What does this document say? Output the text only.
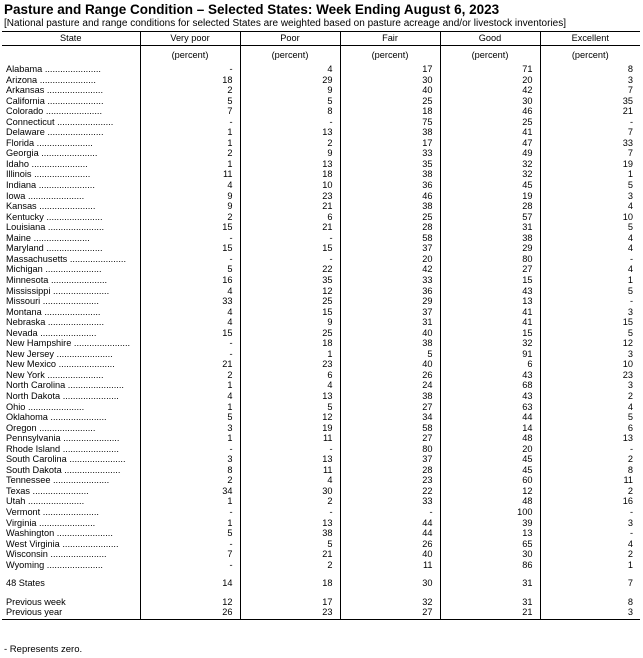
Pasture and Range Condition – Selected States: Week Ending August 6, 2023
[National pasture and range conditions for selected States are weighted based on pasture acreage and/or livestock inventories]
State	Very poor	Poor	Fair	Good	Excellent
	(percent)	(percent)	(percent)	(percent)	(percent)
Alabama ......................	-	4	17	71	8
Arizona ......................	18	29	30	20	3
Arkansas ......................	2	9	40	42	7
California ......................	5	5	25	30	35
Colorado ......................	7	8	18	46	21
Connecticut ......................	-	-	75	25	-
Delaware ......................	1	13	38	41	7
Florida ......................	1	2	17	47	33
Georgia ......................	2	9	33	49	7
Idaho ......................	1	13	35	32	19
Illinois ......................	11	18	38	32	1
Indiana ......................	4	10	36	45	5
Iowa ......................	9	23	46	19	3
Kansas ......................	9	21	38	28	4
Kentucky ......................	2	6	25	57	10
Louisiana ......................	15	21	28	31	5
Maine ......................	-	-	58	38	4
Maryland ......................	15	15	37	29	4
Massachusetts ......................	-	-	20	80	-
Michigan ......................	5	22	42	27	4
Minnesota ......................	16	35	33	15	1
Mississippi ......................	4	12	36	43	5
Missouri ......................	33	25	29	13	-
Montana ......................	4	15	37	41	3
Nebraska ......................	4	9	31	41	15
Nevada ......................	15	25	40	15	5
New Hampshire ......................	-	18	38	32	12
New Jersey ......................	-	1	5	91	3
New Mexico ......................	21	23	40	6	10
New York ......................	2	6	26	43	23
North Carolina ......................	1	4	24	68	3
North Dakota ......................	4	13	38	43	2
Ohio ......................	1	5	27	63	4
Oklahoma ......................	5	12	34	44	5
Oregon ......................	3	19	58	14	6
Pennsylvania ......................	1	11	27	48	13
Rhode Island ......................	-	-	80	20	-
South Carolina ......................	3	13	37	45	2
South Dakota ......................	8	11	28	45	8
Tennessee ......................	2	4	23	60	11
Texas ......................	34	30	22	12	2
Utah ......................	1	2	33	48	16
Vermont ......................	-	-	-	100	-
Virginia ......................	1	13	44	39	3
Washington ......................	5	38	44	13	-
West Virginia ......................	-	5	26	65	4
Wisconsin ......................	7	21	40	30	2
Wyoming ......................	-	2	11	86	1

48 States	14	18	30	31	7

Previous week	12	17	32	31	8
Previous year	26	23	27	21	3
- Represents zero.
